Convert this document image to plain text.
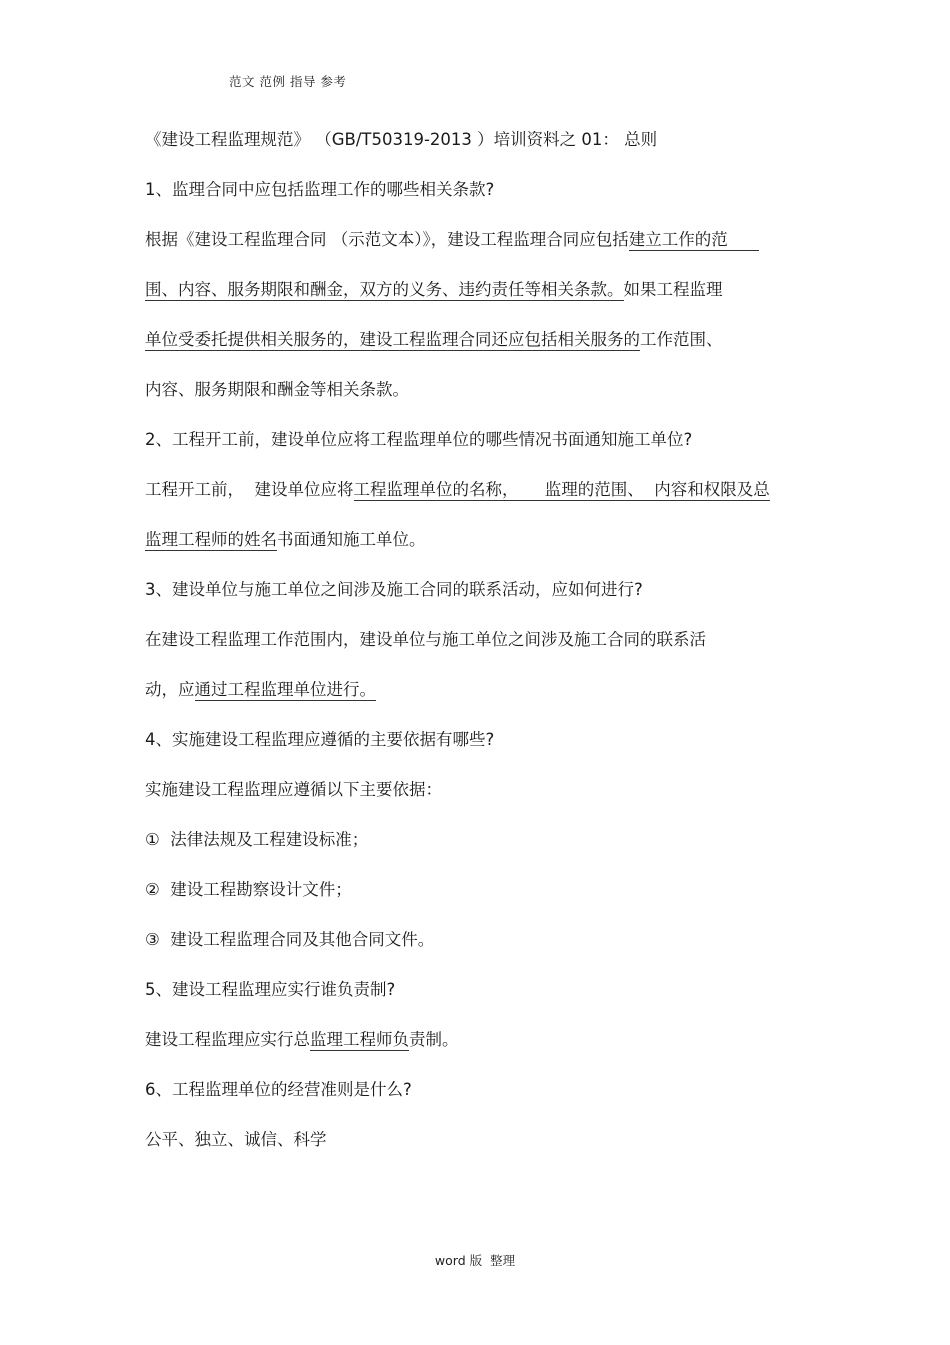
范文 范例 指导 参考
《建设工程监理规范》 （GB/T50319-2013 ）培训资料之 01： 总则
1、监理合同中应包括监理工作的哪些相关条款?
根据《建设工程监理合同 （示范文本）》，建设工程监理合同应包括建立工作的范
围、内容、服务期限和酬金，双方的义务、违约责任等相关条款。如果工程监理
单位受委托提供相关服务的，建设工程监理合同还应包括相关服务的工作范围、
内容、服务期限和酬金等相关条款。
2、工程开工前，建设单位应将工程监理单位的哪些情况书面通知施工单位?
工程开工前，  建设单位应将工程监理单位的名称，     监理的范围、  内容和权限及总
监理工程师的姓名书面通知施工单位。
3、建设单位与施工单位之间涉及施工合同的联系活动，应如何进行?
在建设工程监理工作范围内，建设单位与施工单位之间涉及施工合同的联系活
动，应通过工程监理单位进行。
4、实施建设工程监理应遵循的主要依据有哪些?
实施建设工程监理应遵循以下主要依据：
①  法律法规及工程建设标准；
②  建设工程勘察设计文件；
③  建设工程监理合同及其他合同文件。
5、建设工程监理应实行谁负责制?
建设工程监理应实行总监理工程师负责制。
6、工程监理单位的经营准则是什么?
公平、独立、诚信、科学
word 版  整理
